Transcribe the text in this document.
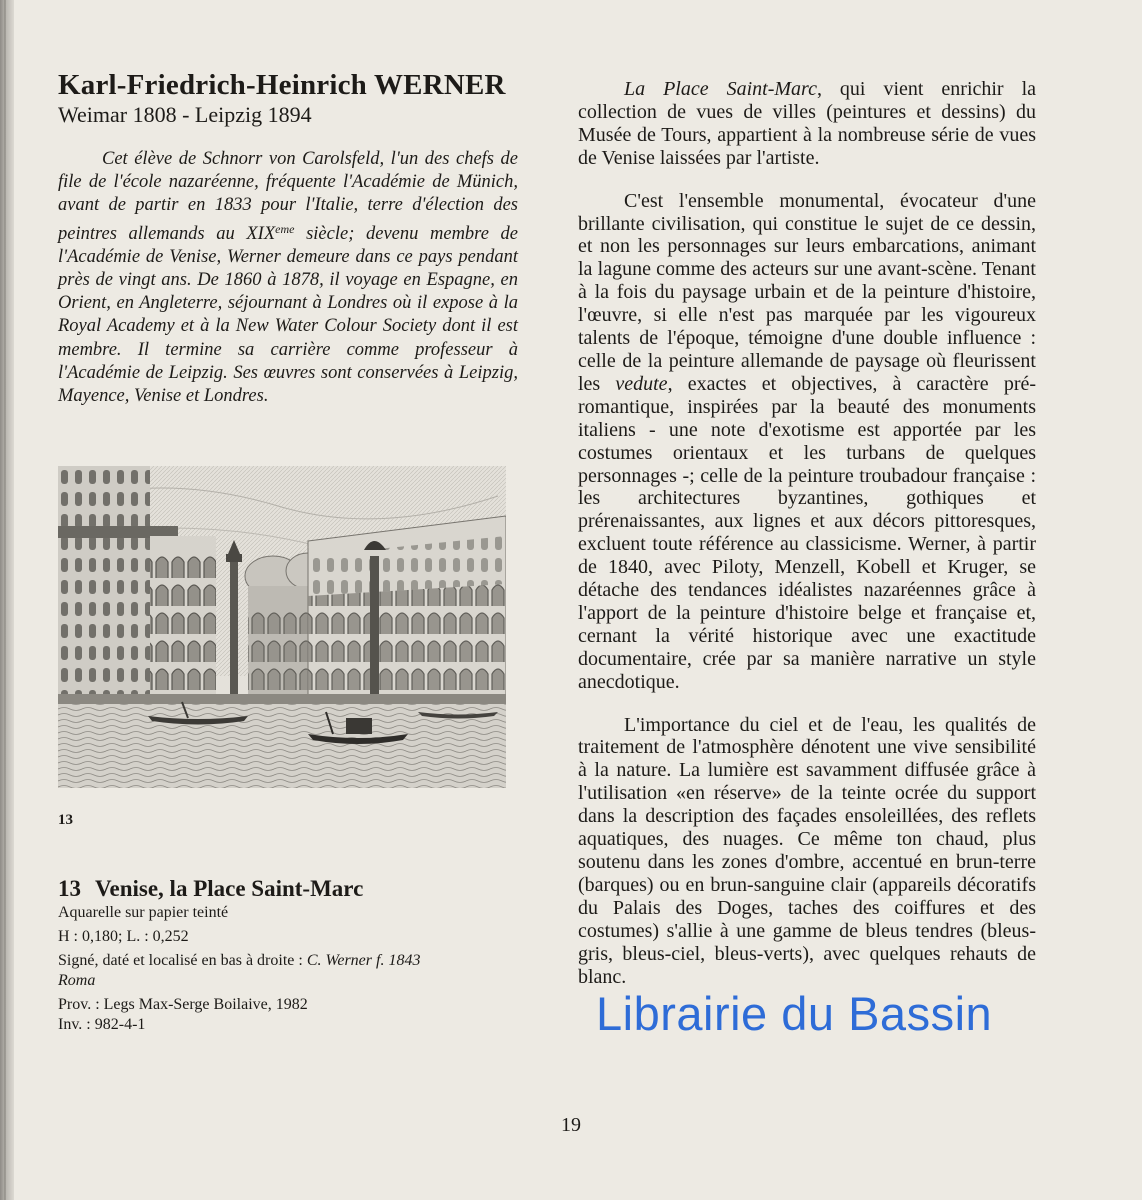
Karl-Friedrich-Heinrich WERNER

Weimar 1808 - Leipzig 1894

Cet élève de Schnorr von Carolsfeld, l'un des chefs de file de l'école nazaréenne, fréquente l'Académie de Münich, avant de partir en 1833 pour l'Italie, terre d'élection des peintres allemands au XIXeme siècle; devenu membre de l'Académie de Venise, Werner demeure dans ce pays pendant près de vingt ans. De 1860 à 1878, il voyage en Espagne, en Orient, en Angleterre, séjournant à Londres où il expose à la Royal Academy et à la New Water Colour Society dont il est membre. Il termine sa carrière comme professeur à l'Académie de Leipzig. Ses œuvres sont conservées à Leipzig, Mayence, Venise et Londres.

13
13 Venise, la Place Saint-Marc
Aquarelle sur papier teinté
H : 0,180; L. : 0,252
Signé, daté et localisé en bas à droite : C. Werner f. 1843
Roma
Prov. : Legs Max-Serge Boilaive, 1982
Inv. : 982-4-1

La Place Saint-Marc, qui vient enrichir la collection de vues de villes (peintures et dessins) du Musée de Tours, appartient à la nombreuse série de vues de Venise laissées par l'artiste.

C'est l'ensemble monumental, évocateur d'une brillante civilisation, qui constitue le sujet de ce dessin, et non les personnages sur leurs embarcations, animant la lagune comme des acteurs sur une avant-scène. Tenant à la fois du paysage urbain et de la peinture d'histoire, l'œuvre, si elle n'est pas marquée par les vigoureux talents de l'époque, témoigne d'une double influence : celle de la peinture allemande de paysage où fleurissent les vedute, exactes et objectives, à caractère pré-romantique, inspirées par la beauté des monuments italiens - une note d'exotisme est apportée par les costumes orientaux et les turbans de quelques personnages -; celle de la peinture troubadour française : les architectures byzantines, gothiques et prérenaissantes, aux lignes et aux décors pittoresques, excluent toute référence au classicisme. Werner, à partir de 1840, avec Piloty, Menzell, Kobell et Kruger, se détache des tendances idéalistes nazaréennes grâce à l'apport de la peinture d'histoire belge et française et, cernant la vérité historique avec une exactitude documentaire, crée par sa manière narrative un style anecdotique.

L'importance du ciel et de l'eau, les qualités de traitement de l'atmosphère dénotent une vive sensibilité à la nature. La lumière est savamment diffusée grâce à l'utilisation «en réserve» de la teinte ocrée du support dans la description des façades ensoleillées, des reflets aquatiques, des nuages. Ce même ton chaud, plus soutenu dans les zones d'ombre, accentué en brun-terre (barques) ou en brun-sanguine clair (appareils décoratifs du Palais des Doges, taches des coiffures et des costumes) s'allie à une gamme de bleus tendres (bleus-gris, bleus-ciel, bleus-verts), avec quelques rehauts de blanc.

Librairie du Bassin
19
